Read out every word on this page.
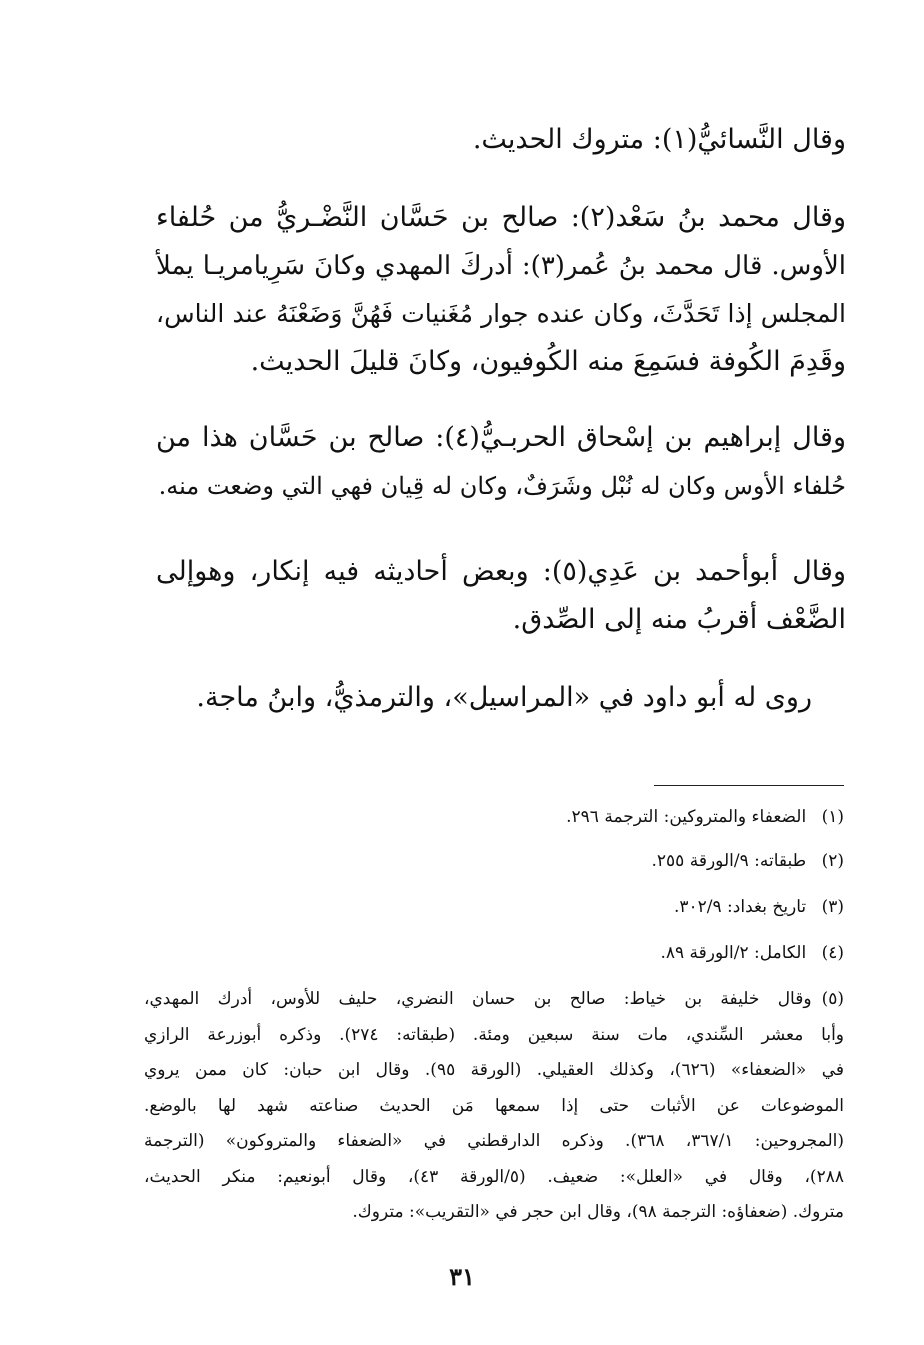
وقال النَّسائيُّ(١): متروك الحديث.

وقال محمد بنُ سَعْد(٢): صالح بن حَسَّان النَّضْـريُّ من حُلفاء
الأوس. قال محمد بنُ عُمر(٣): أدركَ المهدي وكانَ سَرِيامريـا يملأ
المجلس إذا تَحَدَّثَ، وكان عنده جوار مُغَنيات فَهُنَّ وَضَعْنَهُ عند الناس،
وقَدِمَ الكُوفة فسَمِعَ منه الكُوفيون، وكانَ قليلَ الحديث.

وقال إبراهيم بن إسْحاق الحربـيُّ(٤): صالح بن حَسَّان هذا من
حُلفاء الأوس وكان له نُبْل وشَرَفٌ، وكان له قِيان فهي التي وضعت منه.

وقال أبوأحمد بن عَدِي(٥): وبعض أحاديثه فيه إنكار، وهوإلى
الضَّعْف أقربُ منه إلى الصِّدق.

روى له أبو داود في «المراسيل»، والترمذيُّ، وابنُ ماجة.

(١) الضعفاء والمتروكين: الترجمة ٢٩٦.
(٢) طبقاته: ٩/الورقة ٢٥٥.
(٣) تاريخ بغداد: ٣٠٢/٩.
(٤) الكامل: ٢/الورقة ٨٩.
(٥)وقال خليفة بن خياط: صالح بن حسان النضري، حليف للأوس، أدرك المهدي،
وأبا معشر السِّندي، مات سنة سبعين ومئة. (طبقاته: ٢٧٤). وذكره أبوزرعة الرازي
في «الضعفاء» (٦٢٦)، وكذلك العقيلي. (الورقة ٩٥). وقال ابن حبان: كان ممن يروي
الموضوعات عن الأثبات حتى إذا سمعها مَن الحديث صناعته شهد لها بالوضع.
(المجروحين: ٣٦٧/١، ٣٦٨). وذكره الدارقطني في «الضعفاء والمتروكون» (الترجمة
٢٨٨)، وقال في «العلل»: ضعيف. (٥/الورقة ٤٣)، وقال أبونعيم: منكر الحديث،
متروك. (ضعفاؤه: الترجمة ٩٨)، وقال ابن حجر في «التقريب»: متروك.
٣١
